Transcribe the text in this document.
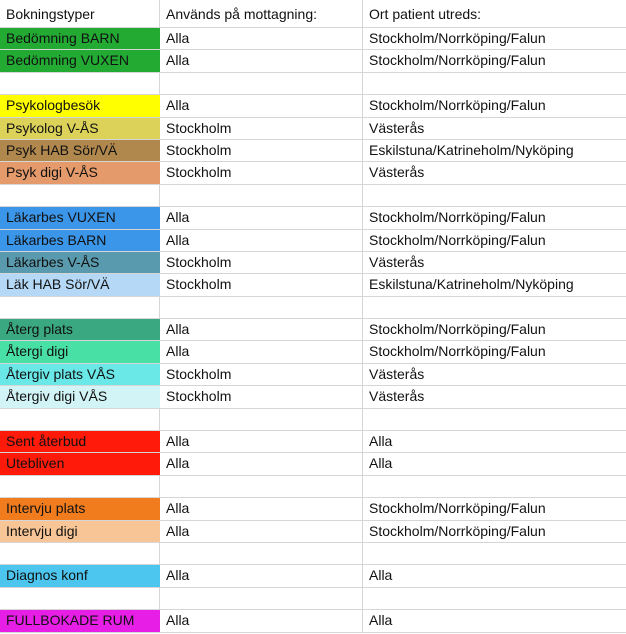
Bokningstyper	Används på mottagning:	Ort patient utreds:
Bedömning BARN	Alla	Stockholm/Norrköping/Falun
Bedömning VUXEN	Alla	Stockholm/Norrköping/Falun
Psykologbesök	Alla	Stockholm/Norrköping/Falun
Psykolog V-ÅS	Stockholm	Västerås
Psyk HAB Sör/VÄ	Stockholm	Eskilstuna/Katrineholm/Nyköping
Psyk digi V-ÅS	Stockholm	Västerås
Läkarbes VUXEN	Alla	Stockholm/Norrköping/Falun
Läkarbes BARN	Alla	Stockholm/Norrköping/Falun
Läkarbes V-ÅS	Stockholm	Västerås
Läk HAB Sör/VÄ	Stockholm	Eskilstuna/Katrineholm/Nyköping
Återg plats	Alla	Stockholm/Norrköping/Falun
Återgi digi	Alla	Stockholm/Norrköping/Falun
Återgiv plats VÅS	Stockholm	Västerås
Återgiv digi VÅS	Stockholm	Västerås
Sent återbud	Alla	Alla
Utebliven	Alla	Alla
Intervju plats	Alla	Stockholm/Norrköping/Falun
Intervju digi	Alla	Stockholm/Norrköping/Falun
Diagnos konf	Alla	Alla
FULLBOKADE RUM	Alla	Alla
